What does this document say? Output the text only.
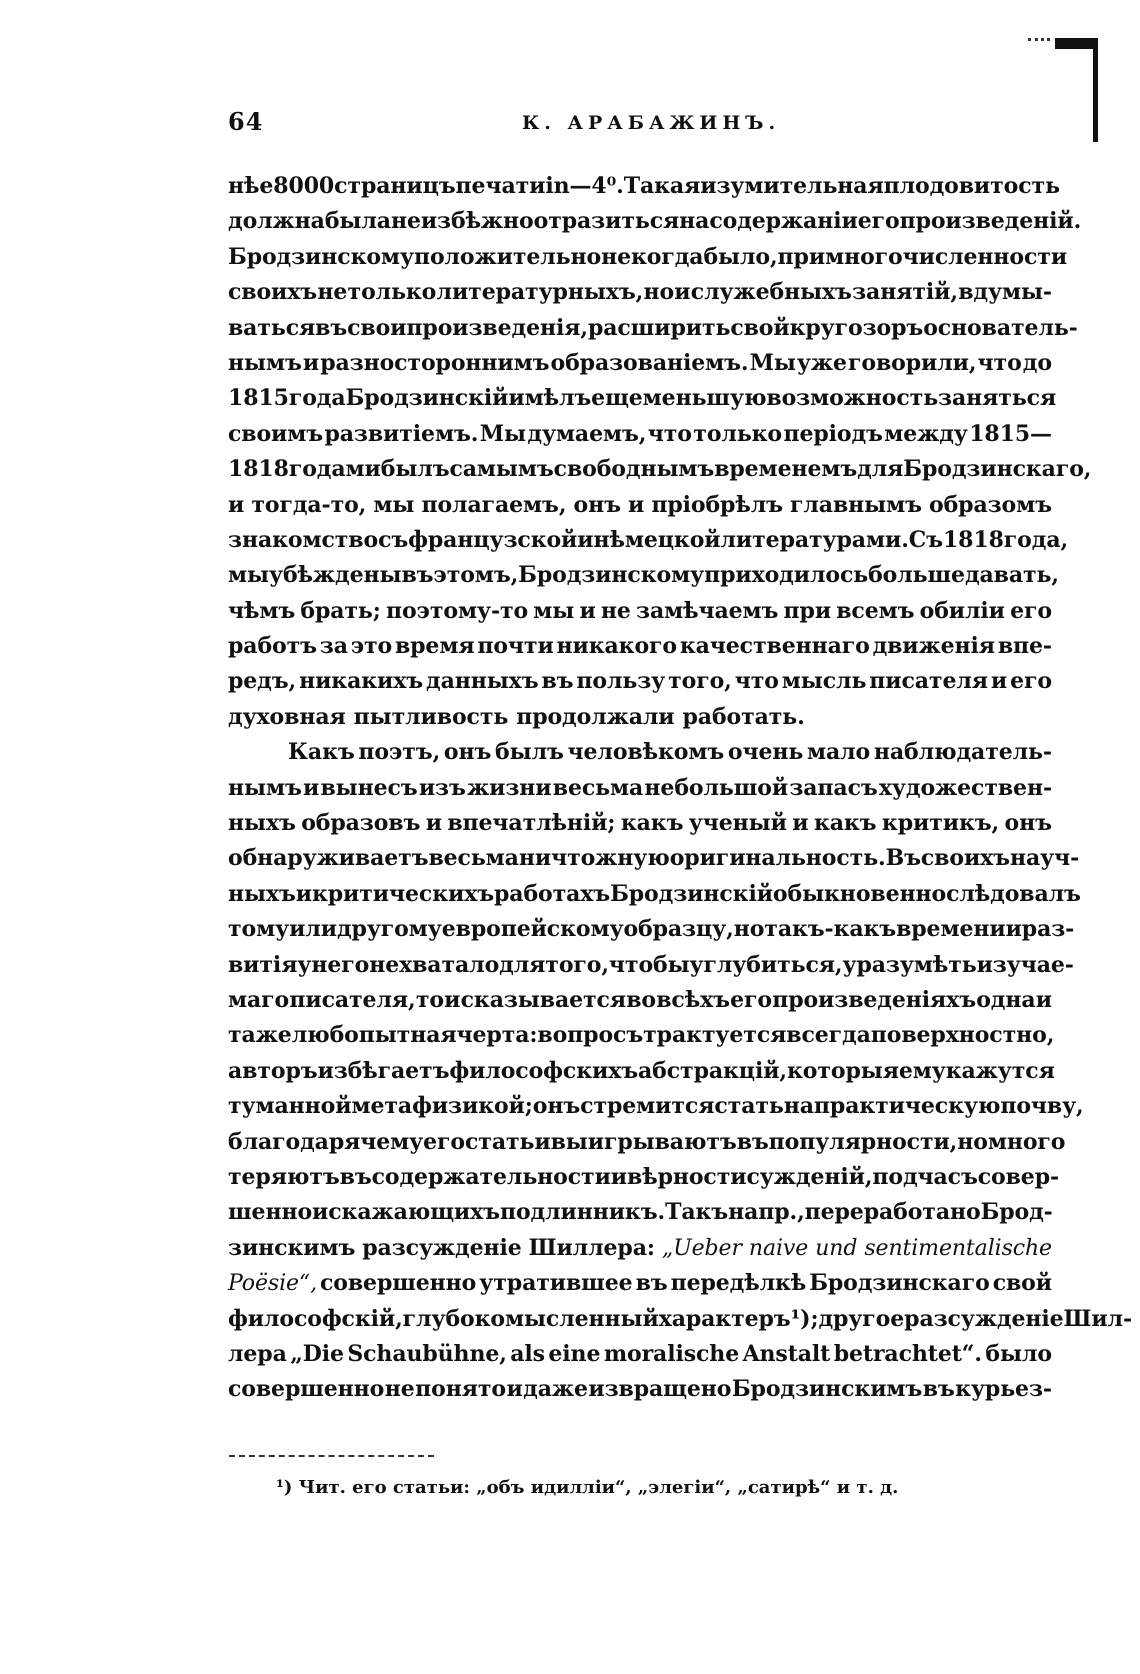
64	К. АРАБАЖИНЪ.
нѣе 8000 страницъ печати in—4⁰. Такая изумительная плодовитость
должна была неизбѣжно отразиться на содержаніи его произведеній.
Бродзинскому положительно некогда было, при многочисленности
своихъ не только литературныхъ, но и служебныхъ занятій, вдумы-
ваться въ свои произведенія, расширить свой кругозоръ основатель-
нымъ и разностороннимъ образованіемъ. Мы уже говорили, что до
1815 года Бродзинскій имѣлъ еще меньшую возможность заняться
своимъ развитіемъ. Мы думаемъ, что только періодъ между 1815—
1818 годами былъ самымъ свободнымъ временемъ для Бродзинскаго,
и тогда-то, мы полагаемъ, онъ и пріобрѣлъ главнымъ образомъ
знакомство съ французской и нѣмецкой литературами. Съ 1818 года,
мы убѣждены въ этомъ, Бродзинскому приходилось больше давать,
чѣмъ брать; поэтому-то мы и не замѣчаемъ при всемъ обиліи его
работъ за это время почти никакого качественнаго движенія впе-
редъ, никакихъ данныхъ въ пользу того, что мысль писателя и его
духовная пытливость продолжали работать.
Какъ поэтъ, онъ былъ человѣкомъ очень мало наблюдатель-
нымъ и вынесъ изъ жизни весьма небольшой запасъ художествен-
ныхъ образовъ и впечатлѣній; какъ ученый и какъ критикъ, онъ
обнаруживаетъ весьма ничтожную оригинальность. Въ своихъ науч-
ныхъ и критическихъ работахъ Бродзинскій обыкновенно слѣдовалъ
тому или другому европейскому образцу, но такъ-какъ времени и раз-
витія у него не хватало для того, чтобы углубиться, уразумѣть изучае-
маго писателя, то и сказывается во всѣхъ его произведеніяхъ одна и
та же любопытная черта: вопросъ трактуется всегда поверхностно,
авторъ избѣгаетъ философскихъ абстракцій, которыя ему кажутся
туманной метафизикой; онъ стремится стать на практическую почву,
благодаря чему его статьи выигрываютъ въ популярности, но много
теряютъ въ содержательности и вѣрности сужденій, подчасъ совер-
шенно искажающихъ подлинникъ. Такъ напр., переработано Брод-
зинскимъ разсужденіе Шиллера: „Ueber naive und sentimentalische
Poësie“, совершенно утратившее въ передѣлкѣ Бродзинскаго свой
философскій, глубокомысленный характеръ ¹); другое разсужденіе Шил-
лера „Die Schaubühne, als eine moralische Anstalt betrachtet“. было
совершенно не понято и даже извращено Бродзинскимъ въ курьез-
¹) Чит. его статьи: „объ идилліи“, „элегіи“, „сатирѣ“ и т. д.
